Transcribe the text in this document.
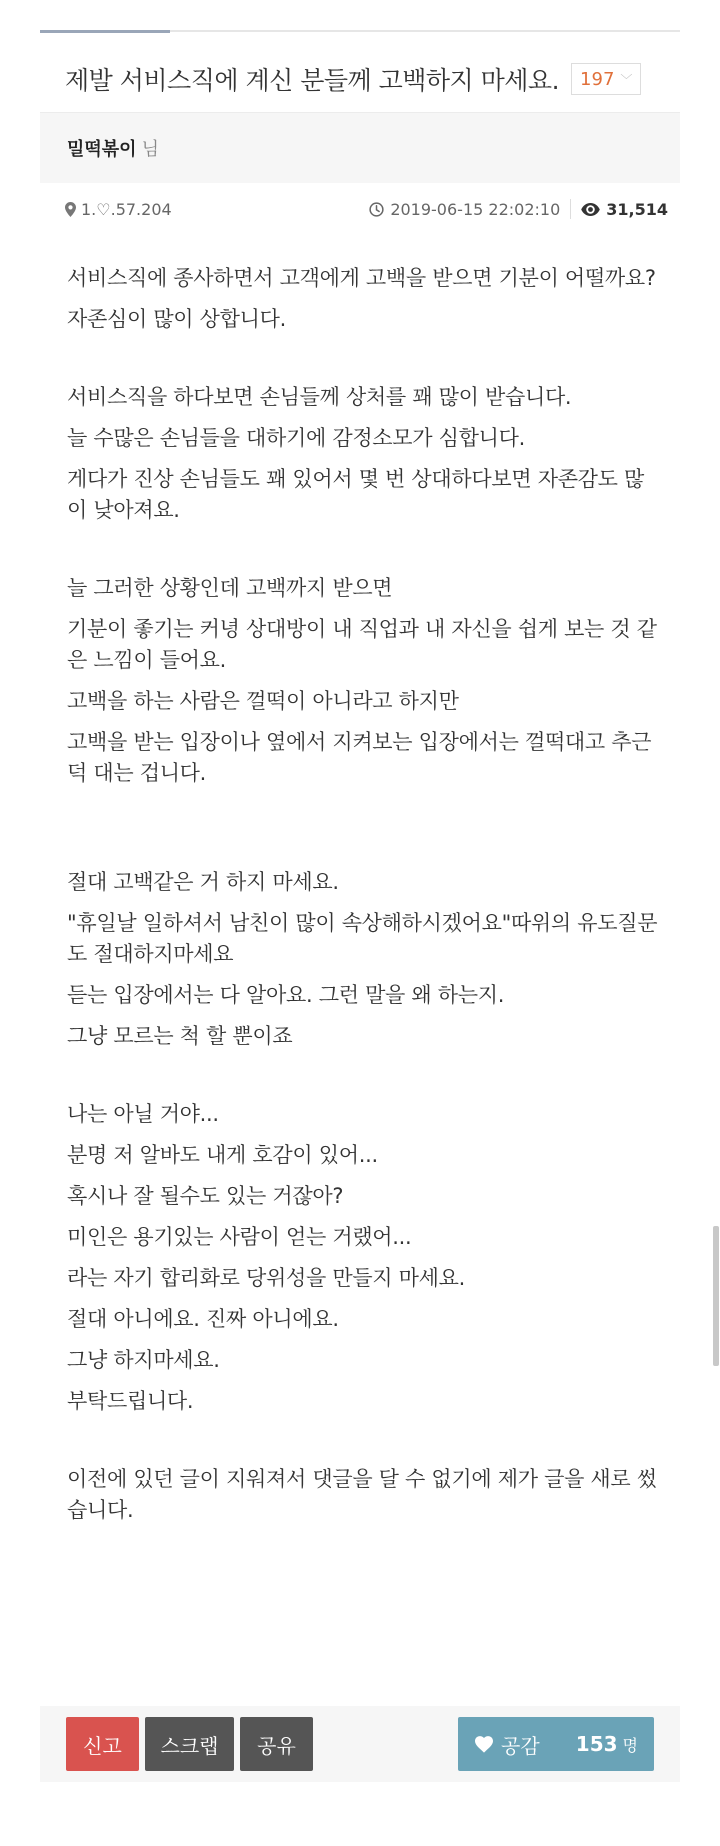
제발 서비스직에 계신 분들께 고백하지 마세요. 197 ﹀
밀떡볶이 님
1.♡.57.204	2019-06-15 22:02:10	31,514
서비스직에 종사하면서 고객에게 고백을 받으면 기분이 어떨까요?
자존심이 많이 상합니다.
서비스직을 하다보면 손님들께 상처를 꽤 많이 받습니다.
늘 수많은 손님들을 대하기에 감정소모가 심합니다.
게다가 진상 손님들도 꽤 있어서 몇 번 상대하다보면 자존감도 많이 낮아져요.
늘 그러한 상황인데 고백까지 받으면
기분이 좋기는 커녕 상대방이 내 직업과 내 자신을 쉽게 보는 것 같은 느낌이 들어요.
고백을 하는 사람은 껄떡이 아니라고 하지만
고백을 받는 입장이나 옆에서 지켜보는 입장에서는 껄떡대고 추근덕 대는 겁니다.
절대 고백같은 거 하지 마세요.
"휴일날 일하셔서 남친이 많이 속상해하시겠어요"따위의 유도질문도 절대하지마세요
듣는 입장에서는 다 알아요. 그런 말을 왜 하는지.
그냥 모르는 척 할 뿐이죠
나는 아닐 거야...
분명 저 알바도 내게 호감이 있어...
혹시나 잘 될수도 있는 거잖아?
미인은 용기있는 사람이 얻는 거랬어...
라는 자기 합리화로 당위성을 만들지 마세요.
절대 아니에요. 진짜 아니에요.
그냥 하지마세요.
부탁드립니다.
이전에 있던 글이 지워져서 댓글을 달 수 없기에 제가 글을 새로 썼습니다.
신고	스크랩	공유	공감 153 명
